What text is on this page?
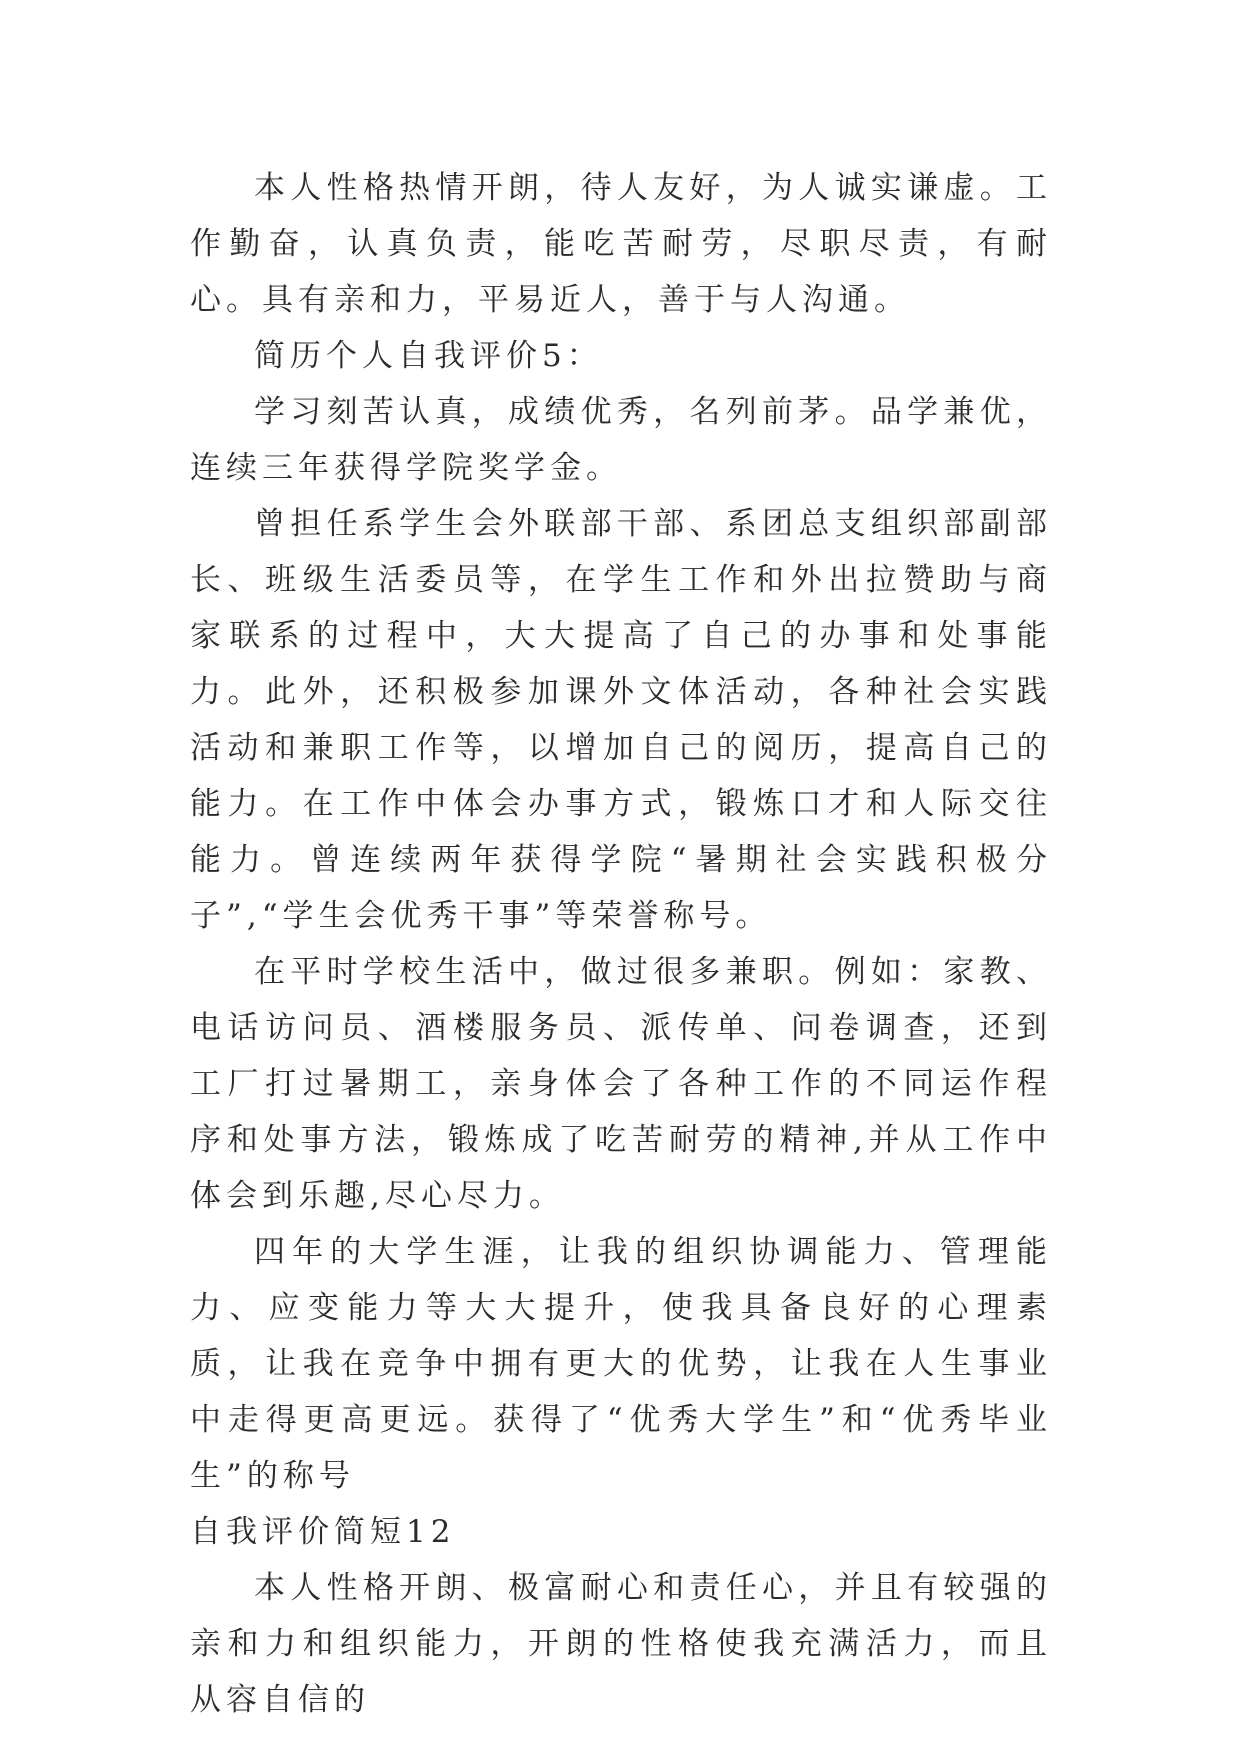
本人性格热情开朗，待人友好，为人诚实谦虚。工作勤奋，认真负责，能吃苦耐劳，尽职尽责，有耐心。具有亲和力，平易近人，善于与人沟通。

简历个人自我评价5：

学习刻苦认真，成绩优秀，名列前茅。品学兼优，连续三年获得学院奖学金。

曾担任系学生会外联部干部、系团总支组织部副部长、班级生活委员等，在学生工作和外出拉赞助与商家联系的过程中，大大提高了自己的办事和处事能力。此外，还积极参加课外文体活动，各种社会实践活动和兼职工作等，以增加自己的阅历，提高自己的能力。在工作中体会办事方式，锻炼口才和人际交往能力。曾连续两年获得学院“暑期社会实践积极分子”,“学生会优秀干事”等荣誉称号。

在平时学校生活中，做过很多兼职。例如：家教、电话访问员、酒楼服务员、派传单、问卷调查，还到工厂打过暑期工，亲身体会了各种工作的不同运作程序和处事方法，锻炼成了吃苦耐劳的精神,并从工作中体会到乐趣,尽心尽力。

四年的大学生涯，让我的组织协调能力、管理能力、应变能力等大大提升，使我具备良好的心理素质，让我在竞争中拥有更大的优势，让我在人生事业中走得更高更远。获得了“优秀大学生”和“优秀毕业生”的称号

自我评价简短12

本人性格开朗、极富耐心和责任心，并且有较强的亲和力和组织能力，开朗的性格使我充满活力，而且从容自信的
